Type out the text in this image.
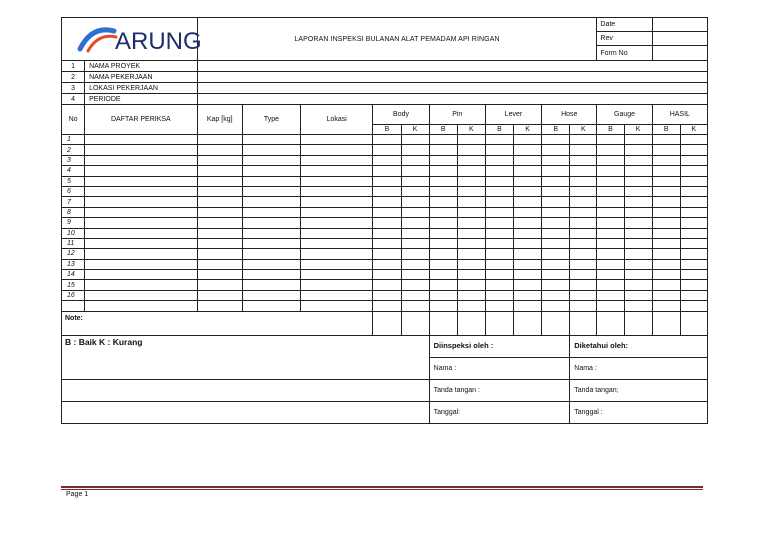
ARUNG		LAPORAN INSPEKSI BULANAN ALAT PEMADAM API RINGAN											Date			
													Rev			
													Form No			
1	NAMA PROYEK															
2	NAMA PEKERJAAN															
3	LOKASI PEKERJAAN															
4	PERIODE															
No	DAFTAR PERIKSA	Kap [kg]	Type	Lokasi	Body		Pin		Lever		Hose		Gauge		HASIL	
					B	K	B	K	B	K	B	K	B	K	B	K
1																
2																
3																
4																
5																
6																
7																
8																
9																
10																
11																
12																
13																
14																
15																
16																

Note:																
B : Baik K : Kurang							Diinspeksi oleh :					Diketahui oleh:				
							Nama :					Nama :				
							Tanda tangan :					Tanda tangan;				
							Tanggal:					Tanggal :				
Page 1
